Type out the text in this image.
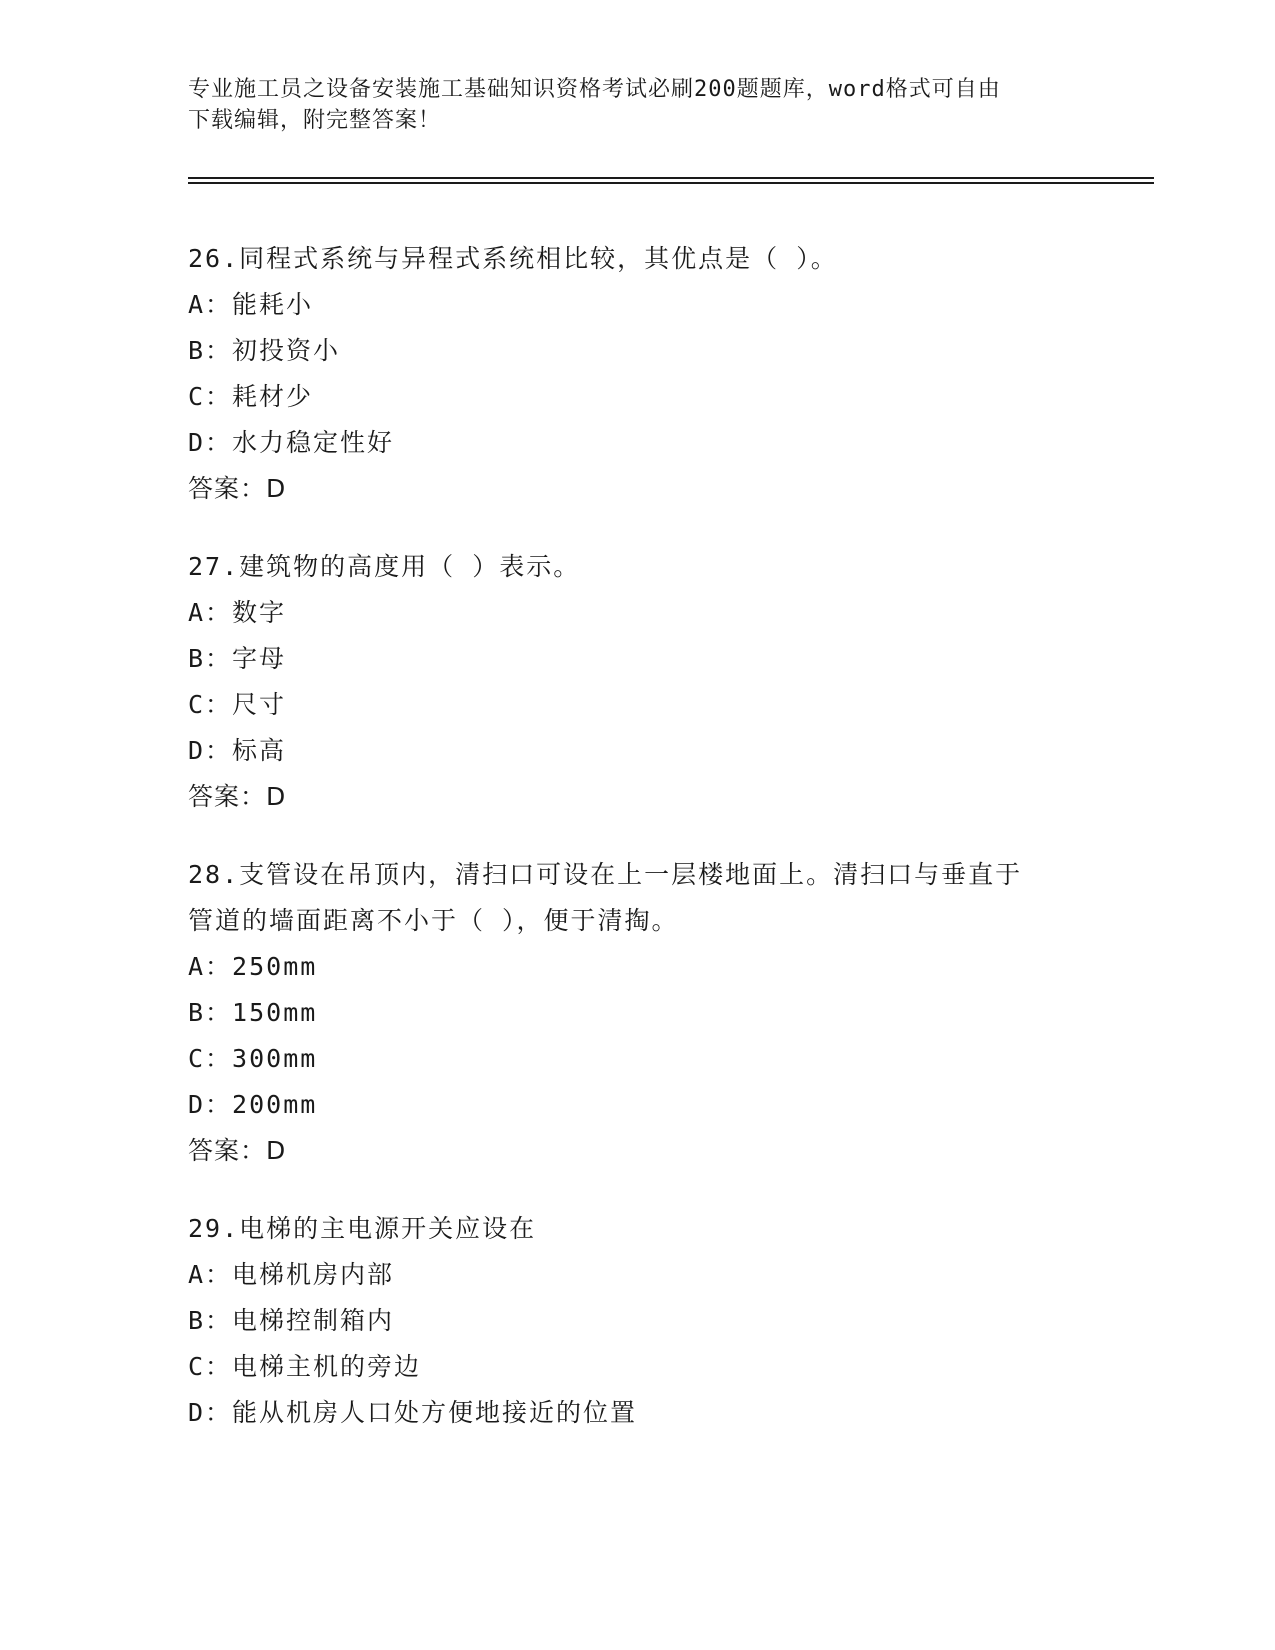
专业施工员之设备安装施工基础知识资格考试必刷200题题库，word格式可自由
下载编辑，附完整答案！

26.同程式系统与异程式系统相比较，其优点是（ ）。

A：能耗小

B：初投资小

C：耗材少

D：水力稳定性好

答案：D

27.建筑物的高度用（ ）表示。

A：数字

B：字母

C：尺寸

D：标高

答案：D

28.支管设在吊顶内，清扫口可设在上一层楼地面上。清扫口与垂直于

管道的墙面距离不小于（ ），便于清掏。

A：250mm

B：150mm

C：300mm

D：200mm

答案：D

29.电梯的主电源开关应设在

A：电梯机房内部

B：电梯控制箱内

C：电梯主机的旁边

D：能从机房人口处方便地接近的位置
